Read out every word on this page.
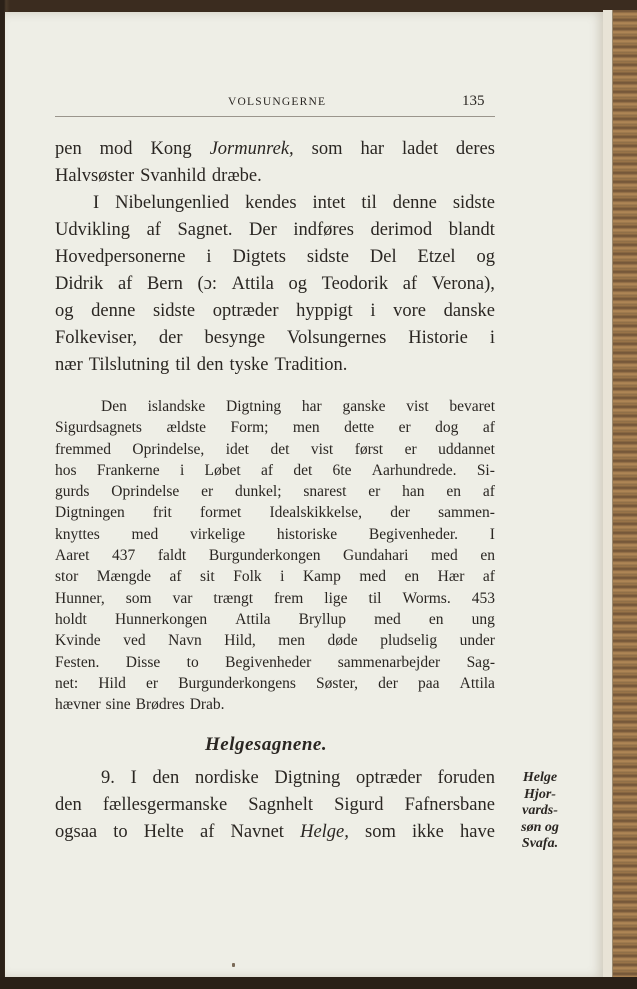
VOLSUNGERNE	135
pen mod Kong Jormunrek, som har ladet deres
Halvsøster Svanhild dræbe.
I Nibelungenlied kendes intet til denne sidste
Udvikling af Sagnet. Der indføres derimod blandt
Hovedpersonerne i Digtets sidste Del Etzel og
Didrik af Bern (ɔ: Attila og Teodorik af Verona),
og denne sidste optræder hyppigt i vore danske
Folkeviser, der besynge Volsungernes Historie i
nær Tilslutning til den tyske Tradition.
Den islandske Digtning har ganske vist bevaret
Sigurdsagnets ældste Form; men dette er dog af
fremmed Oprindelse, idet det vist først er uddannet
hos Frankerne i Løbet af det 6te Aarhundrede. Si-
gurds Oprindelse er dunkel; snarest er han en af
Digtningen frit formet Idealskikkelse, der sammen-
knyttes med virkelige historiske Begivenheder. I
Aaret 437 faldt Burgunderkongen Gundahari med en
stor Mængde af sit Folk i Kamp med en Hær af
Hunner, som var trængt frem lige til Worms. 453
holdt Hunnerkongen Attila Bryllup med en ung
Kvinde ved Navn Hild, men døde pludselig under
Festen. Disse to Begivenheder sammenarbejder Sag-
net: Hild er Burgunderkongens Søster, der paa Attila
hævner sine Brødres Drab.
Helgesagnene.
9. I den nordiske Digtning optræder foruden
den fællesgermanske Sagnhelt Sigurd Fafnersbane
ogsaa to Helte af Navnet Helge, som ikke have
Helge
Hjor-
vards-
søn og
Svafa.
